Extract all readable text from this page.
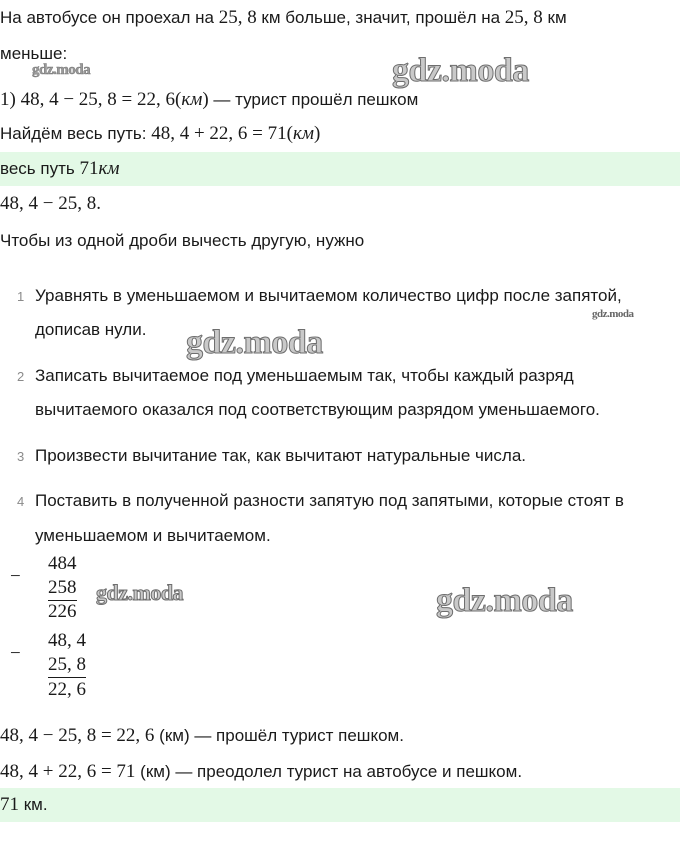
На автобусе он проехал на 25, 8 км больше, значит, прошёл на 25, 8 км
меньше:
gdz.moda	gdz.moda
1) 48, 4 − 25, 8 = 22, 6(км) — турист прошёл пешком
Найдём весь путь: 48, 4 + 22, 6 = 71(км)
весь путь 71км
48, 4 − 25, 8.
Чтобы из одной дроби вычесть другую, нужно
1 Уравнять в уменьшаемом и вычитаемом количество цифр после запятой,
дописав нули.
gdz.moda
gdz.moda
2 Записать вычитаемое под уменьшаемым так, чтобы каждый разряд
вычитаемого оказался под соответствующим разрядом уменьшаемого.
3 Произвести вычитание так, как вычитают натуральные числа.
4 Поставить в полученной разности запятую под запятыми, которые стоят в
уменьшаемом и вычитаемом.
−
484
258
226
gdz.moda	gdz.moda
−
48, 4
25, 8
22, 6
48, 4 − 25, 8 = 22, 6 (км) — прошёл турист пешком.
48, 4 + 22, 6 = 71 (км) — преодолел турист на автобусе и пешком.
71 км.
